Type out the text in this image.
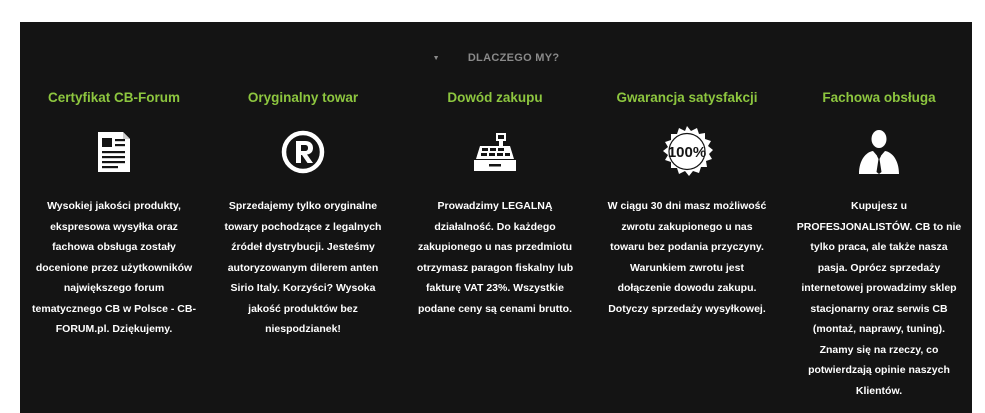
▼	DLACZEGO MY?
Certyfikat CB-Forum

Wysokiej jakości produkty, ekspresowa wysyłka oraz fachowa obsługa zostały docenione przez użytkowników największego forum tematycznego CB w Polsce - CB-FORUM.pl. Dziękujemy.

Oryginalny towar

Sprzedajemy tylko oryginalne towary pochodzące z legalnych źródeł dystrybucji. Jesteśmy autoryzowanym dilerem anten Sirio Italy. Korzyści? Wysoka jakość produktów bez niespodzianek!

Dowód zakupu

Prowadzimy LEGALNĄ działalność. Do każdego zakupionego u nas przedmiotu otrzymasz paragon fiskalny lub fakturę VAT 23%. Wszystkie podane ceny są cenami brutto.

Gwarancja satysfakcji
100%

W ciągu 30 dni masz możliwość zwrotu zakupionego u nas towaru bez podania przyczyny. Warunkiem zwrotu jest dołączenie dowodu zakupu. Dotyczy sprzedaży wysyłkowej.

Fachowa obsługa

Kupujesz u PROFESJONALISTÓW. CB to nie tylko praca, ale także nasza pasja. Oprócz sprzedaży internetowej prowadzimy sklep stacjonarny oraz serwis CB (montaż, naprawy, tuning). Znamy się na rzeczy, co potwierdzają opinie naszych Klientów.
